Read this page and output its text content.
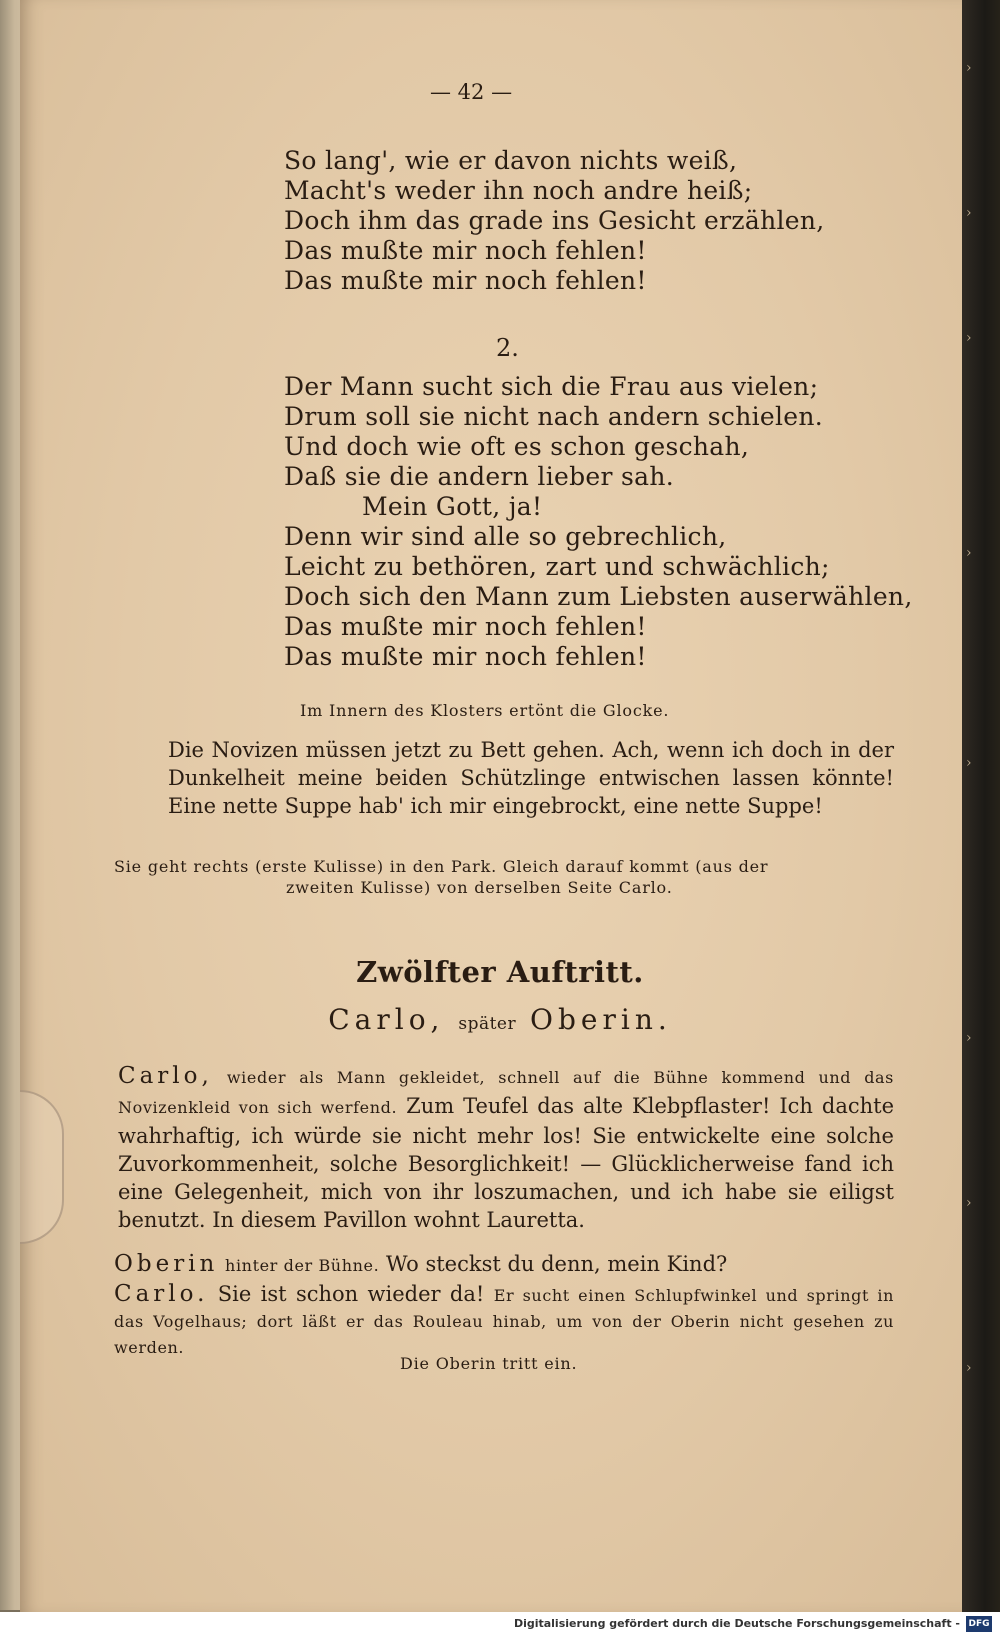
›
›
›
›
›
›
›
›
— 42 —
So lang', wie er davon nichts weiß,
Macht's weder ihn noch andre heiß;
Doch ihm das grade ins Gesicht erzählen,
Das mußte mir noch fehlen!
Das mußte mir noch fehlen!
2.
Der Mann sucht sich die Frau aus vielen;
Drum soll sie nicht nach andern schielen.
Und doch wie oft es schon geschah,
Daß sie die andern lieber sah.
Mein Gott, ja!
Denn wir sind alle so gebrechlich,
Leicht zu bethören, zart und schwächlich;
Doch sich den Mann zum Liebsten auserwählen,
Das mußte mir noch fehlen!
Das mußte mir noch fehlen!
Im Innern des Klosters ertönt die Glocke.
Die Novizen müssen jetzt zu Bett gehen. Ach, wenn ich doch in der Dunkelheit meine beiden Schützlinge entwischen lassen könnte! Eine nette Suppe hab' ich mir eingebrockt, eine nette Suppe!
Sie geht rechts (erste Kulisse) in den Park. Gleich darauf kommt (aus der
zweiten Kulisse) von derselben Seite Carlo.
Zwölfter Auftritt.
Carlo, später Oberin.
Carlo, wieder als Mann gekleidet, schnell auf die Bühne kommend und das Novizenkleid von sich werfend. Zum Teufel das alte Klebpflaster! Ich dachte wahrhaftig, ich würde sie nicht mehr los! Sie entwickelte eine solche Zuvorkommenheit, solche Besorglichkeit! — Glücklicherweise fand ich eine Gelegenheit, mich von ihr loszumachen, und ich habe sie eiligst benutzt. In diesem Pavillon wohnt Lauretta.
Oberin hinter der Bühne. Wo steckst du denn, mein Kind?
Carlo. Sie ist schon wieder da! Er sucht einen Schlupfwinkel und springt in das Vogelhaus; dort läßt er das Rouleau hinab, um von der Oberin nicht gesehen zu werden.
Die Oberin tritt ein.
Digitalisierung gefördert durch die Deutsche Forschungsgemeinschaft - DFG
